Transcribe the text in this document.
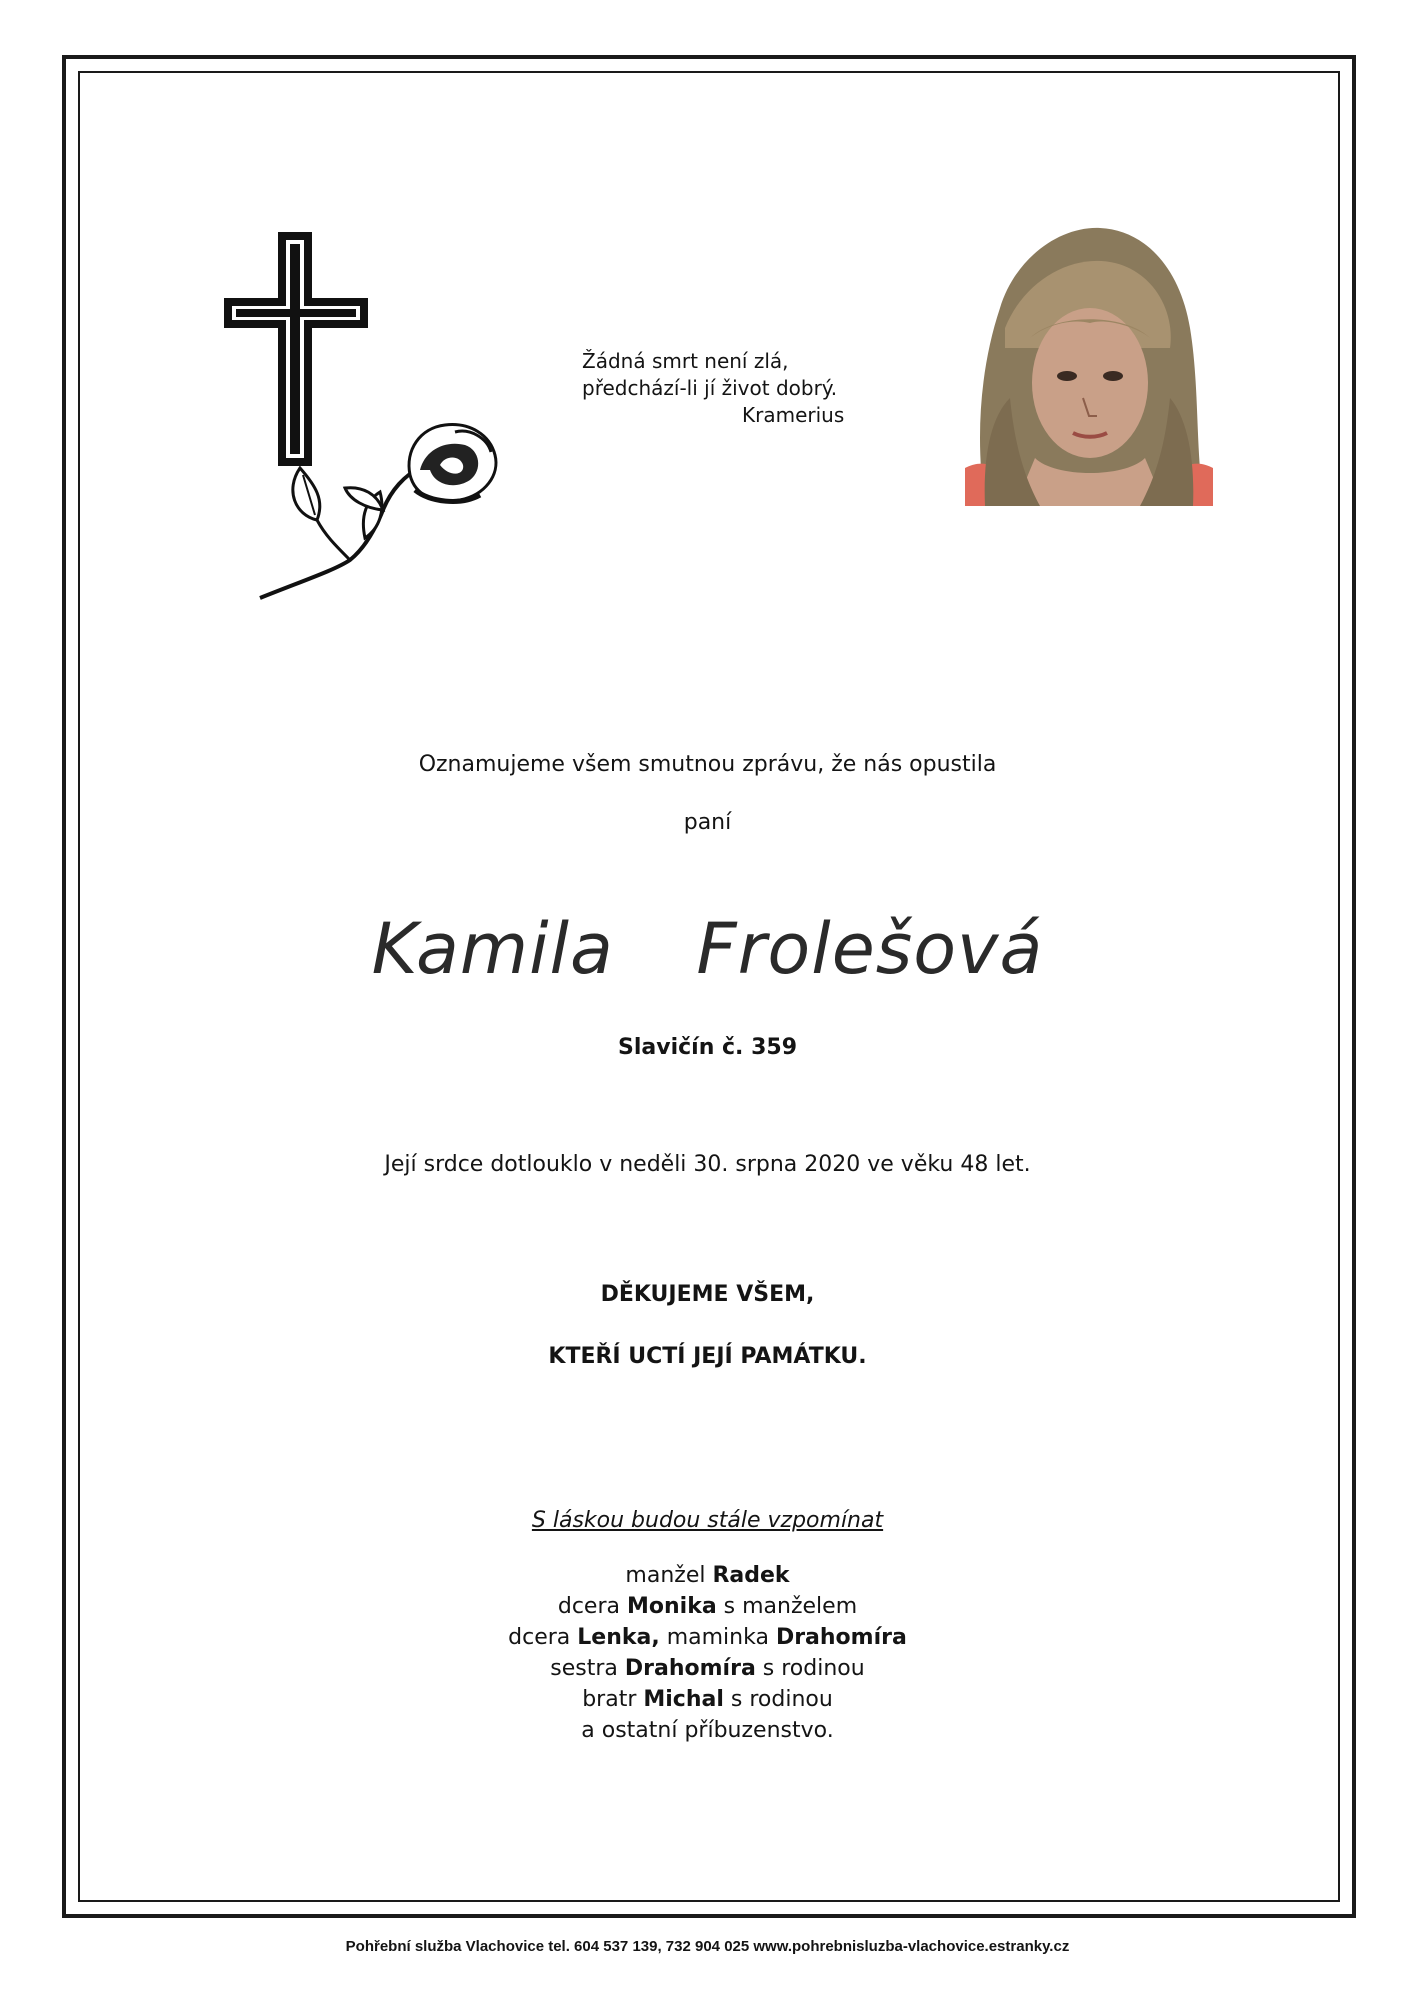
Žádná smrt není zlá,
předchází-li jí život dobrý.
Kramerius
Oznamujeme všem smutnou zprávu, že nás opustila
paní
Kamila  Frolešová
Slavičín č. 359
Její srdce dotlouklo v neděli 30. srpna 2020 ve věku 48 let.
DĚKUJEME VŠEM,
KTEŘÍ UCTÍ JEJÍ PAMÁTKU.
S láskou budou stále vzpomínat
manžel Radek
dcera Monika s manželem
dcera Lenka, maminka Drahomíra
sestra Drahomíra s rodinou
bratr Michal s rodinou
a ostatní příbuzenstvo.
Pohřební služba Vlachovice tel. 604 537 139, 732 904 025 www.pohrebnisluzba-vlachovice.estranky.cz
